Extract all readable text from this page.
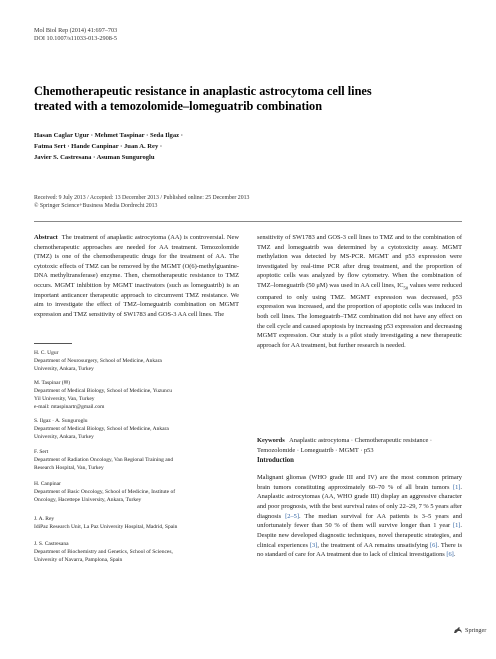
Mol Biol Rep (2014) 41:697–703
DOI 10.1007/s11033-013-2908-5
Chemotherapeutic resistance in anaplastic astrocytoma cell lines
treated with a temozolomide–lomeguatrib combination
Hasan Caglar Ugur · Mehmet Taspinar · Seda Ilgaz ·
Fatma Sert · Hande Canpinar · Juan A. Rey ·
Javier S. Castresana · Asuman Sunguroglu
Received: 9 July 2013 / Accepted: 13 December 2013 / Published online: 25 December 2013
© Springer Science+Business Media Dordrecht 2013
Abstract The treatment of anaplastic astrocytoma (AA) is controversial. New chemotherapeutic approaches are needed for AA treatment. Temozolomide (TMZ) is one of the chemotherapeutic drugs for the treatment of AA. The cytotoxic effects of TMZ can be removed by the MGMT (O(6)-methylguanine-DNA methyltransferase) enzyme. Then, chemotherapeutic resistance to TMZ occurs. MGMT inhibition by MGMT inactivators (such as lomeguatrib) is an important anticancer therapeutic approach to circumvent TMZ resistance. We aim to investigate the effect of TMZ–lomeguatrib combination on MGMT expression and TMZ sensitivity of SW1783 and GOS-3 AA cell lines. The
sensitivity of SW1783 and GOS-3 cell lines to TMZ and to the combination of TMZ and lomeguatrib was determined by a cytotoxicity assay. MGMT methylation was detected by MS-PCR. MGMT and p53 expression were investigated by real-time PCR after drug treatment, and the proportion of apoptotic cells was analyzed by flow cytometry. When the combination of TMZ–lomeguatrib (50 μM) was used in AA cell lines, $IC_{50}$ values were reduced compared to only using TMZ. MGMT expression was decreased, p53 expression was increased, and the proportion of apoptotic cells was induced in both cell lines. The lomeguatrib–TMZ combination did not have any effect on the cell cycle and caused apoptosis by increasing p53 expression and decreasing MGMT expression. Our study is a pilot study investigating a new therapeutic approach for AA treatment, but further research is needed.
H. C. Ugur
Department of Neurosurgery, School of Medicine, Ankara
University, Ankara, Turkey
M. Taspinar (✉)
Department of Medical Biology, School of Medicine, Yuzuncu
Yil University, Van, Turkey
e-mail: mtaspinartr@gmail.com
S. Ilgaz · A. Sunguroglu
Department of Medical Biology, School of Medicine, Ankara
University, Ankara, Turkey
F. Sert
Department of Radiation Oncology, Van Regional Training and
Research Hospital, Van, Turkey
H. Canpinar
Department of Basic Oncology, School of Medicine, Institute of
Oncology, Hacettepe University, Ankara, Turkey
J. A. Rey
IdiPaz Research Unit, La Paz University Hospital, Madrid, Spain
J. S. Castresana
Department of Biochemistry and Genetics, School of Sciences,
University of Navarra, Pamplona, Spain
Keywords Anaplastic astrocytoma · Chemotherapeutic resistance · Temozolomide · Lomeguatrib · MGMT · p53
Introduction
Malignant gliomas (WHO grade III and IV) are the most common primary brain tumors constituting approximately 60–70 % of all brain tumors [1]. Anaplastic astrocytomas (AA, WHO grade III) display an aggressive character and poor prognosis, with the best survival rates of only 22–29, 7 % 5 years after diagnosis [2–5]. The median survival for AA patients is 3–5 years and unfortunately fewer than 50 % of them will survive longer than 1 year [1]. Despite new developed diagnostic techniques, novel therapeutic strategies, and clinical experiences [3], the treatment of AA remains unsatisfying [6]. There is no standard of care for AA treatment due to lack of clinical investigations [6].
Springer
